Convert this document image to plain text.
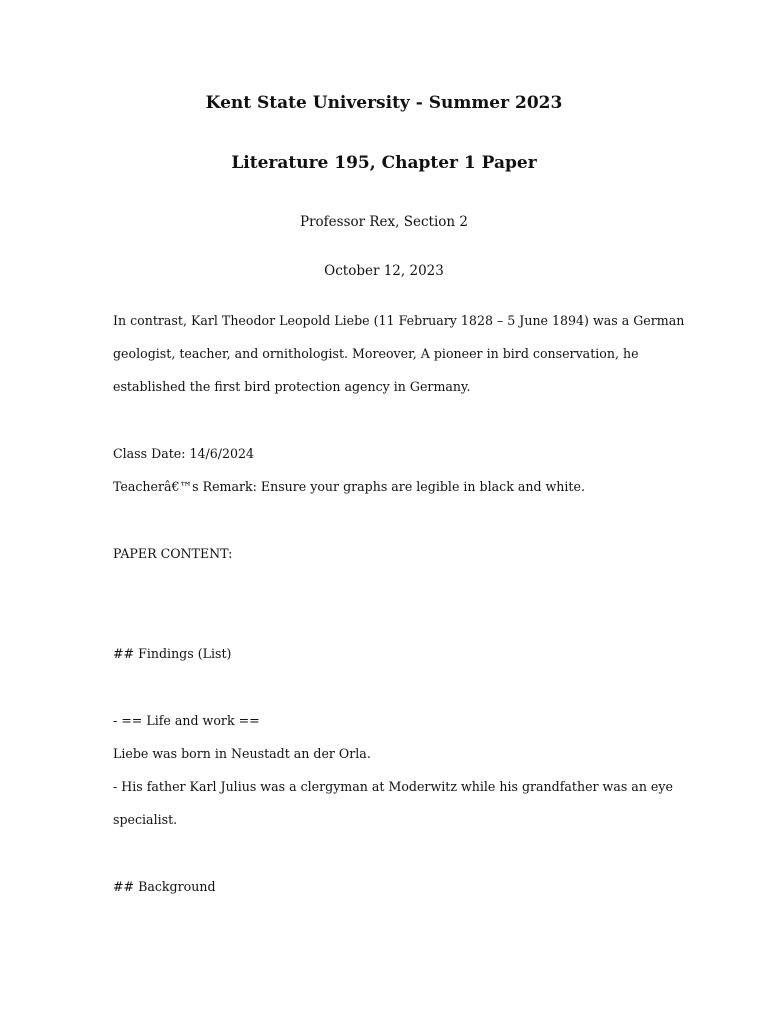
Kent State University - Summer 2023
Literature 195, Chapter 1 Paper
Professor Rex, Section 2
October 12, 2023
In contrast, Karl Theodor Leopold Liebe (11 February 1828 – 5 June 1894) was a German
geologist, teacher, and ornithologist. Moreover, A pioneer in bird conservation, he
established the first bird protection agency in Germany.
Class Date: 14/6/2024
Teacherâ€™s Remark: Ensure your graphs are legible in black and white.
PAPER CONTENT:
## Findings (List)
- == Life and work ==
Liebe was born in Neustadt an der Orla.
- His father Karl Julius was a clergyman at Moderwitz while his grandfather was an eye
specialist.
## Background
